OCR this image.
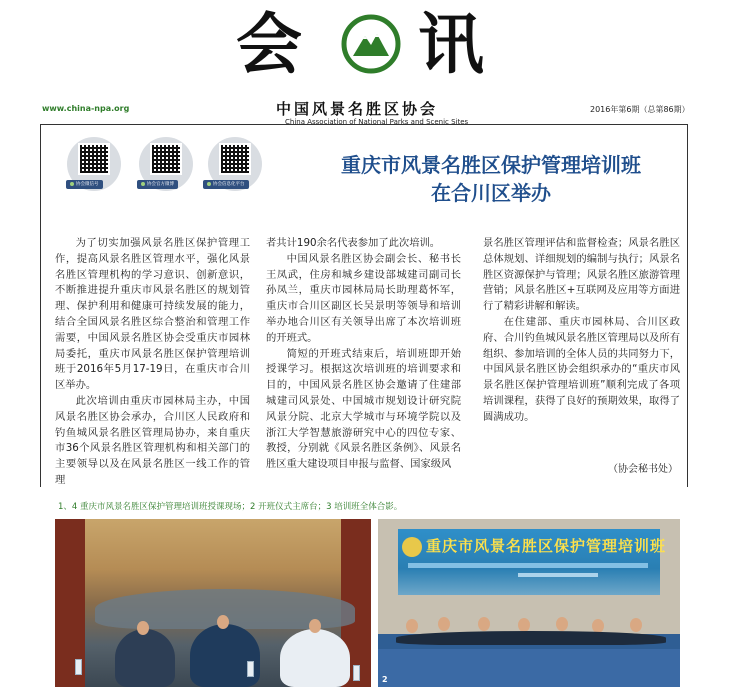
会 讯
www.china-npa.org	中国风景名胜区协会
China Association of National Parks and Scenic Sites
2016年第6期（总第86期）
协会微信号	协会官方微博	协会信息化平台
重庆市风景名胜区保护管理培训班
在合川区举办

为了切实加强风景名胜区保护管理工作，提高风景名胜区管理水平，强化风景名胜区管理机构的学习意识、创新意识，不断推进提升重庆市风景名胜区的规划管理、保护利用和健康可持续发展的能力，结合全国风景名胜区综合整治和管理工作需要，中国风景名胜区协会受重庆市园林局委托，重庆市风景名胜区保护管理培训班于2016年5月17-19日，在重庆市合川区举办。

此次培训由重庆市园林局主办，中国风景名胜区协会承办，合川区人民政府和钓鱼城风景名胜区管理局协办，来自重庆市36个风景名胜区管理机构和相关部门的主要领导以及在风景名胜区一线工作的管理

者共计190余名代表参加了此次培训。

中国风景名胜区协会副会长、秘书长王凤武，住房和城乡建设部城建司副司长孙凤兰，重庆市园林局局长助理葛怀军，重庆市合川区副区长吴景明等领导和培训举办地合川区有关领导出席了本次培训班的开班式。

简短的开班式结束后，培训班即开始授课学习。根据这次培训班的培训要求和目的，中国风景名胜区协会邀请了住建部城建司风景处、中国城市规划设计研究院风景分院、北京大学城市与环境学院以及浙江大学智慧旅游研究中心的四位专家、教授，分别就《风景名胜区条例》、风景名胜区重大建设项目申报与监督、国家级风

景名胜区管理评估和监督检查；风景名胜区总体规划、详细规划的编制与执行；风景名胜区资源保护与管理；风景名胜区旅游管理营销；风景名胜区+互联网及应用等方面进行了精彩讲解和解读。

在住建部、重庆市园林局、合川区政府、合川钓鱼城风景名胜区管理局以及所有组织、参加培训的全体人员的共同努力下，中国风景名胜区协会组织承办的“重庆市风景名胜区保护管理培训班”顺利完成了各项培训课程，获得了良好的预期效果，取得了圆满成功。

（协会秘书处）
1、4 重庆市风景名胜区保护管理培训班授课现场；2 开班仪式主席台；3 培训班全体合影。
重庆市风景名胜区保护管理培训班
2
